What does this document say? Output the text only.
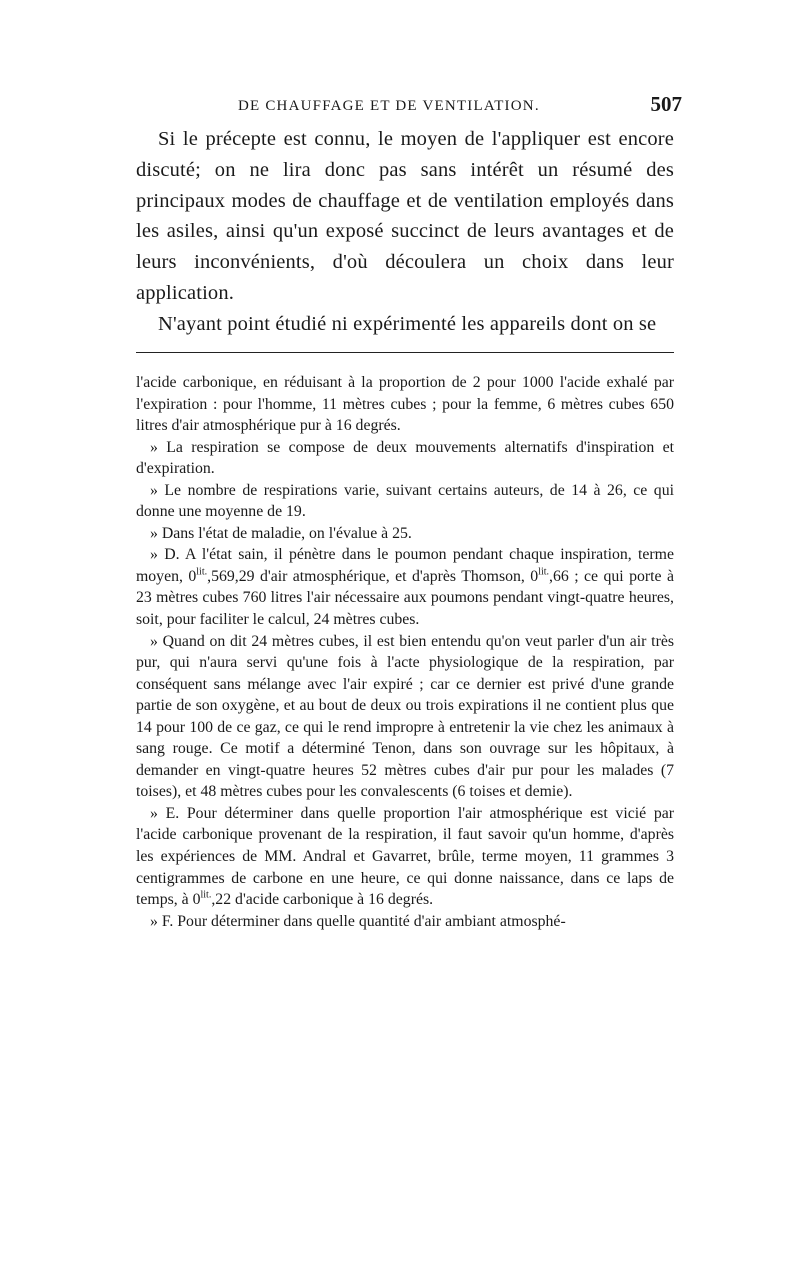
DE CHAUFFAGE ET DE VENTILATION.	507

Si le précepte est connu, le moyen de l'appliquer est encore discuté; on ne lira donc pas sans intérêt un résumé des principaux modes de chauffage et de ventilation employés dans les asiles, ainsi qu'un exposé succinct de leurs avantages et de leurs inconvénients, d'où découlera un choix dans leur application.

N'ayant point étudié ni expérimenté les appareils dont on se

l'acide carbonique, en réduisant à la proportion de 2 pour 1000 l'acide exhalé par l'expiration : pour l'homme, 11 mètres cubes ; pour la femme, 6 mètres cubes 650 litres d'air atmosphérique pur à 16 degrés.

» La respiration se compose de deux mouvements alternatifs d'inspiration et d'expiration.

» Le nombre de respirations varie, suivant certains auteurs, de 14 à 26, ce qui donne une moyenne de 19.

» Dans l'état de maladie, on l'évalue à 25.

» D. A l'état sain, il pénètre dans le poumon pendant chaque inspiration, terme moyen, $0^{lit.},569,29$ d'air atmosphérique, et d'après Thomson, $0^{lit.},66$ ; ce qui porte à 23 mètres cubes 760 litres l'air nécessaire aux poumons pendant vingt-quatre heures, soit, pour faciliter le calcul, 24 mètres cubes.

» Quand on dit 24 mètres cubes, il est bien entendu qu'on veut parler d'un air très pur, qui n'aura servi qu'une fois à l'acte physiologique de la respiration, par conséquent sans mélange avec l'air expiré ; car ce dernier est privé d'une grande partie de son oxygène, et au bout de deux ou trois expirations il ne contient plus que 14 pour 100 de ce gaz, ce qui le rend impropre à entretenir la vie chez les animaux à sang rouge. Ce motif a déterminé Tenon, dans son ouvrage sur les hôpitaux, à demander en vingt-quatre heures 52 mètres cubes d'air pur pour les malades (7 toises), et 48 mètres cubes pour les convalescents (6 toises et demie).

» E. Pour déterminer dans quelle proportion l'air atmosphérique est vicié par l'acide carbonique provenant de la respiration, il faut savoir qu'un homme, d'après les expériences de MM. Andral et Gavarret, brûle, terme moyen, 11 grammes 3 centigrammes de carbone en une heure, ce qui donne naissance, dans ce laps de temps, à $0^{lit.},22$ d'acide carbonique à 16 degrés.

» F. Pour déterminer dans quelle quantité d'air ambiant atmosphé-
